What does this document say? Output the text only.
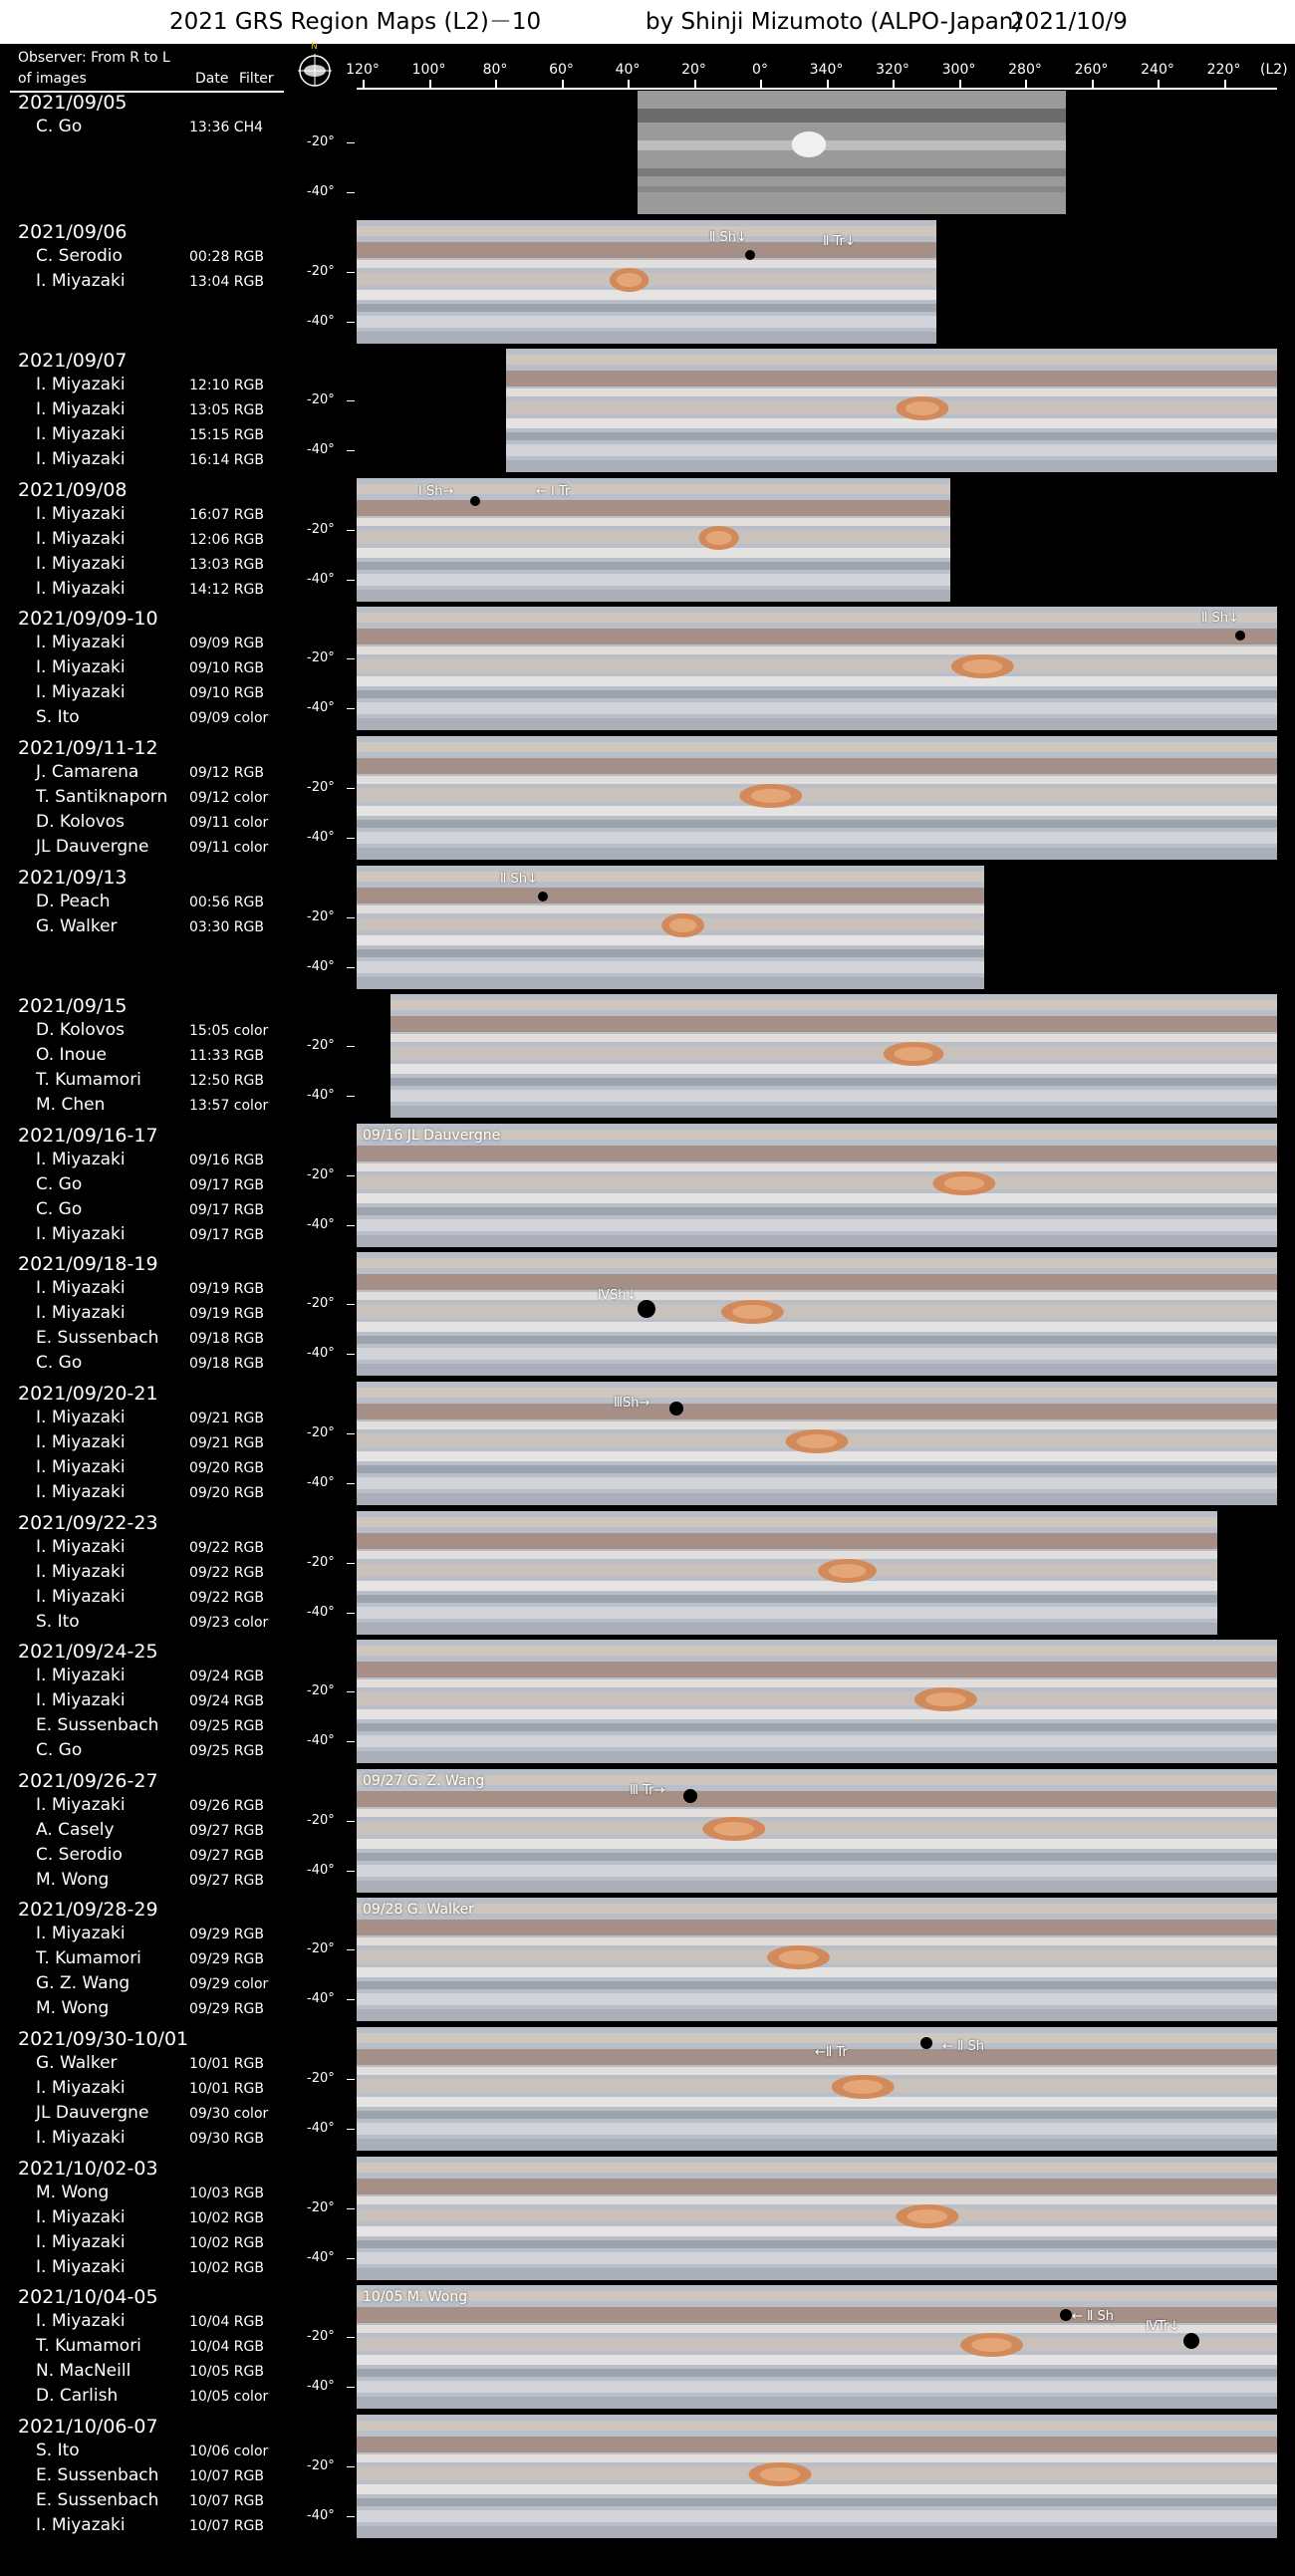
2021 GRS Region Maps (L2)－10	by Shinji Mizumoto (ALPO-Japan)
2021/10/9
Observer: From R to L
of images	Date Filter
N
(L2)
120° 100°	80°	60°	40°	20°	0°	340° 320° 300° 280° 260° 240° 220°
2021/09/05
C. Go	13:36 CH4
-20°
-40°
2021/09/06
C. Serodio	00:28 RGB
I. Miyazaki	13:04 RGB
-20°
-40°
Ⅱ Sh↓	Ⅱ Tr↓
2021/09/07
I. Miyazaki	12:10 RGB
I. Miyazaki	13:05 RGB
I. Miyazaki	15:15 RGB
I. Miyazaki	16:14 RGB
-20°
-40°
2021/09/08
I. Miyazaki	16:07 RGB
I. Miyazaki	12:06 RGB
I. Miyazaki	13:03 RGB
I. Miyazaki	14:12 RGB
-20°
-40°
Ⅰ Sh→	← Ⅰ Tr
2021/09/09-10
I. Miyazaki	09/09 RGB
I. Miyazaki	09/10 RGB
I. Miyazaki	09/10 RGB
S. Ito	09/09 color
-20°
-40°
Ⅱ Sh↓
2021/09/11-12
J. Camarena	09/12 RGB
T. Santiknaporn 09/12 color
D. Kolovos	09/11 color
JL Dauvergne	09/11 color
-20°
-40°
2021/09/13
D. Peach	00:56 RGB
G. Walker	03:30 RGB
-20°
-40°
Ⅱ Sh↓
2021/09/15
D. Kolovos	15:05 color
O. Inoue	11:33 RGB
T. Kumamori	12:50 RGB
M. Chen	13:57 color
-20°
-40°
2021/09/16-17
I. Miyazaki	09/16 RGB
C. Go	09/17 RGB
C. Go	09/17 RGB
I. Miyazaki	09/17 RGB
-20°
-40°
09/16 JL Dauvergne
2021/09/18-19
I. Miyazaki	09/19 RGB
I. Miyazaki	09/19 RGB
E. Sussenbach 09/18 RGB
C. Go	09/18 RGB
-20°
-40°
ⅣSh↓
2021/09/20-21
I. Miyazaki	09/21 RGB
I. Miyazaki	09/21 RGB
I. Miyazaki	09/20 RGB
I. Miyazaki	09/20 RGB
-20°
-40°
ⅢSh→
2021/09/22-23
I. Miyazaki	09/22 RGB
I. Miyazaki	09/22 RGB
I. Miyazaki	09/22 RGB
S. Ito	09/23 color
-20°
-40°
2021/09/24-25
I. Miyazaki	09/24 RGB
I. Miyazaki	09/24 RGB
E. Sussenbach 09/25 RGB
C. Go	09/25 RGB
-20°
-40°
2021/09/26-27
I. Miyazaki	09/26 RGB
A. Casely	09/27 RGB
C. Serodio	09/27 RGB
M. Wong	09/27 RGB
-20°
-40°
09/27 G. Z. Wang
Ⅲ Tr→
2021/09/28-29
I. Miyazaki	09/29 RGB
T. Kumamori	09/29 RGB
G. Z. Wang	09/29 color
M. Wong	09/29 RGB
-20°
-40°
09/28 G. Walker
2021/09/30-10/01
G. Walker	10/01 RGB
I. Miyazaki	10/01 RGB
JL Dauvergne	09/30 color
I. Miyazaki	09/30 RGB
-20°
-40°
←Ⅱ Tr	← Ⅱ Sh
2021/10/02-03
M. Wong	10/03 RGB
I. Miyazaki	10/02 RGB
I. Miyazaki	10/02 RGB
I. Miyazaki	10/02 RGB
-20°
-40°
2021/10/04-05
I. Miyazaki	10/04 RGB
T. Kumamori	10/04 RGB
N. MacNeill	10/05 RGB
D. Carlish	10/05 color
-20°
-40°
10/05 M. Wong
← Ⅱ Sh
ⅣTr↓
2021/10/06-07
S. Ito	10/06 color
E. Sussenbach 10/07 RGB
E. Sussenbach 10/07 RGB
I. Miyazaki	10/07 RGB
-20°
-40°
